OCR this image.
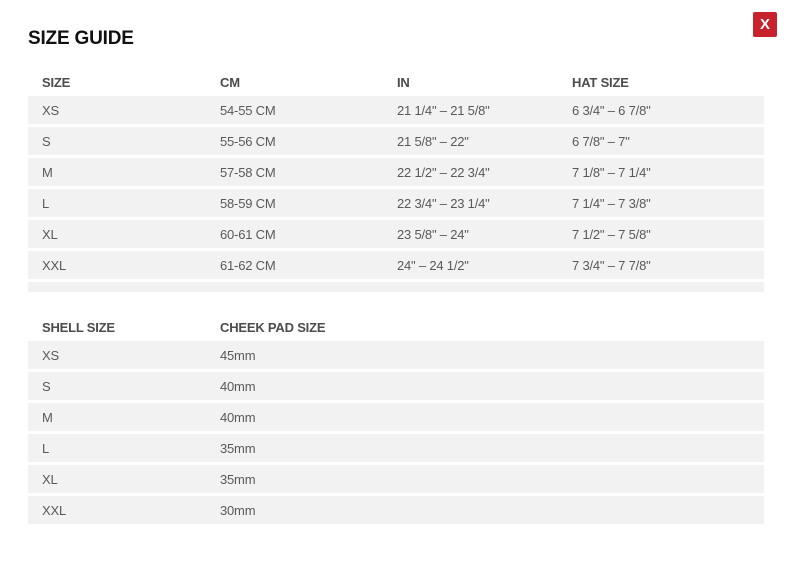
SIZE GUIDE
X
SIZE	CM	IN	HAT SIZE
XS	54-55 CM	21 1/4" – 21 5/8"	6 3/4" – 6 7/8"
S	55-56 CM	21 5/8" – 22"	6 7/8" – 7"
M	57-58 CM	22 1/2" – 22 3/4"	7 1/8" – 7 1/4"
L	58-59 CM	22 3/4" – 23 1/4"	7 1/4" – 7 3/8"
XL	60-61 CM	23 5/8" – 24"	7 1/2" – 7 5/8"
XXL	61-62 CM	24" – 24 1/2"	7 3/4" – 7 7/8"
SHELL SIZE	CHEEK PAD SIZE
XS	45mm
S	40mm
M	40mm
L	35mm
XL	35mm
XXL	30mm
